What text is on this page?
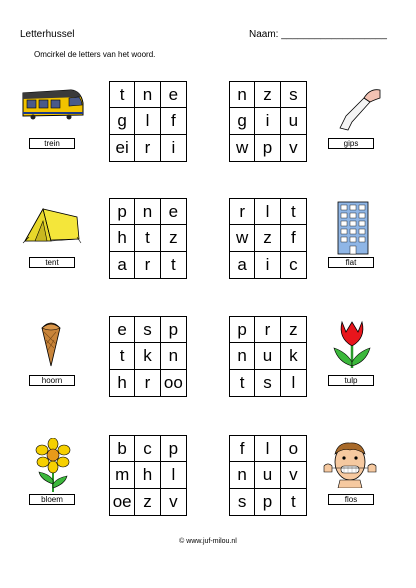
Letterhussel	Naam: ___________________
Omcirkel de letters van het woord.
t	n e
g	l	f
ei r	i
n z	s
g	i	u
w p v
trein	gips
p n e
h	t	z
a	r	t
r	l	t
w z	f
a	i	c
tent	flat
e s p
t	k n
h	r oo
p	r	z
n u k
t	s	l
hoorn	tulp
b c p
m h	l
oe z	v
f	l	o
n u v
s p	t
bloem	flos
© www.juf-milou.nl
